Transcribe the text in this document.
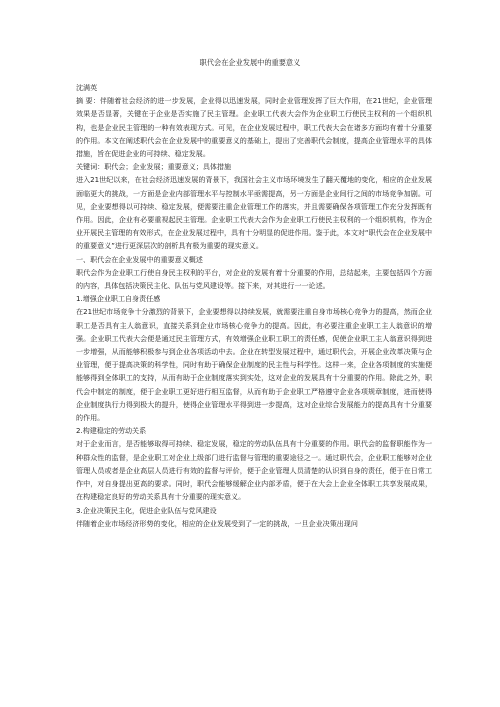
职代会在企业发展中的重要意义

沈满英

摘 要：伴随着社会经济的进一步发展，企业得以迅速发展，同时企业管理发挥了巨大作用，在21世纪，企业管理效果是否显著，关键在于企业是否实施了民主管理。企业职工代表大会作为企业职工行使民主权利的一个组织机构，也是企业民主管理的一种有效表现方式。可见，在企业发展过程中，职工代表大会在诸多方面均有着十分重要的作用。本文在阐述职代会在企业发展中的重要意义的基础上，提出了完善职代会制度，提高企业管理水平的具体措施，旨在促进企业的可持续、稳定发展。

关键词：职代会；企业发展；重要意义；具体措施

进入21世纪以来，在社会经济迅速发展的背景下，我国社会主义市场环境发生了翻天覆地的变化，相应的企业发展面临更大的挑战，一方面是企业内部管理水平与控制水平亟需提高，另一方面是企业间行之间的市场竞争加剧。可见，企业要想得以可持续、稳定发展，便需要注重企业管理工作的落实，并且需要确保各项管理工作充分发挥既有作用。因此，企业有必要重视起民主管理。企业职工代表大会作为企业职工行使民主权利的一个组织机构，作为企业开展民主管理的有效形式，在企业发展过程中，具有十分明显的促进作用。鉴于此，本文对“职代会在企业发展中的重要意义”进行更深层次的剖析具有极为重要的现实意义。

一、职代会在企业发展中的重要意义概述

职代会作为企业职工行使自身民主权利的平台，对企业的发展有着十分重要的作用，总结起来，主要包括四个方面的内容，具体包括决策民主化、队伍与党风建设等。接下来，对其进行一一论述。

1.增强企业职工自身责任感

在21世纪市场竞争十分激烈的背景下，企业要想得以持续发展，就需要注重自身市场核心竞争力的提高，然而企业职工是否具有主人翁意识，直接关系到企业市场核心竞争力的提高。因此，有必要注重企业职工主人翁意识的增强。企业职工代表大会便是通过民主管理方式，有效增强企业职工职工的责任感，促使企业职工主人翁意识得到进一步增强，从而能够积极参与到企业各项活动中去。企业在转型发展过程中，通过职代会，开展企业改革决策与企业管理，便于提高决策的科学性，同时有助于确保企业制度的民主性与科学性。这样一来，企业各项制度的实施便能够得到全体职工的支持，从而有助于企业制度落实到实处，这对企业的发展具有十分重要的作用。除此之外，职代会中制定的制度，便于企业职工更好进行相互监督，从而有助于企业职工严格遵守企业各项规章制度，进而使得企业制度执行力得到极大的提升，使得企业管理水平得到进一步提高，这对企业综合发展能力的提高具有十分重要的作用。

2.构建稳定的劳动关系

对于企业而言，是否能够取得可持续、稳定发展，稳定的劳动队伍具有十分重要的作用。职代会的监督职能作为一种群众性的监督，是企业职工对企业上级部门进行监督与管理的重要途径之一。通过职代会，企业职工能够对企业管理人员或者是企业高层人员进行有效的监督与评价，便于企业管理人员清楚的认识到自身的责任，便于在日常工作中，对自身提出更高的要求。同时，职代会能够缓解企业内部矛盾，便于在大会上企业全体职工共享发展成果，在构建稳定良好的劳动关系具有十分重要的现实意义。

3.企业决策民主化，促进企业队伍与党风建设

伴随着企业市场经济形势的变化，相应的企业发展受到了一定的挑战，一旦企业决策出现问
